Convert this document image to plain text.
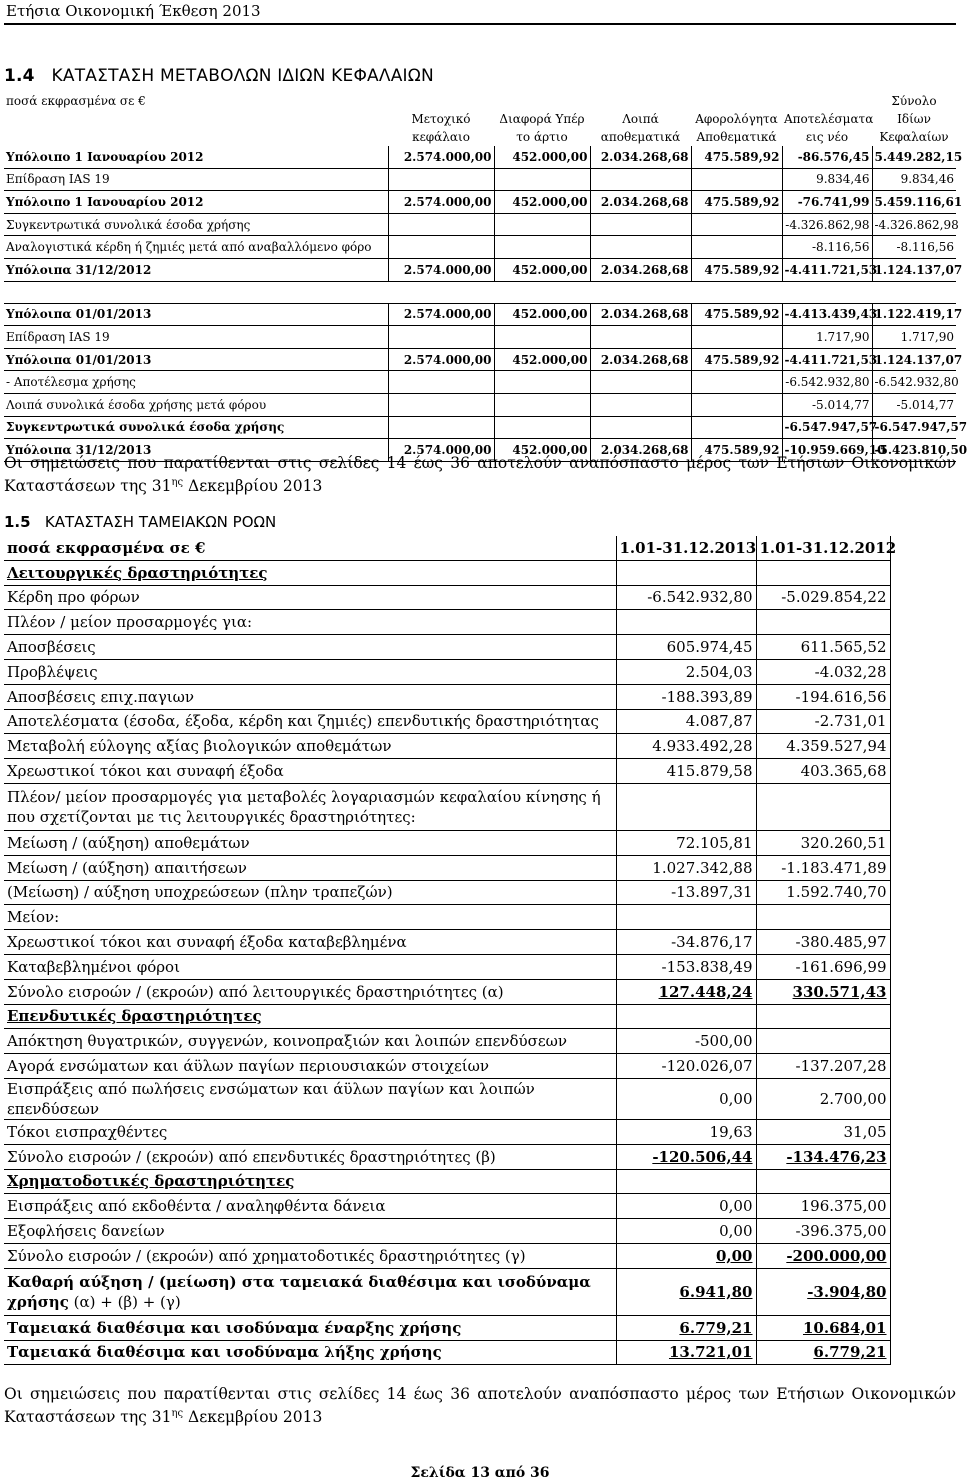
Ετήσια Οικονομική Έκθεση 2013
1.4 ΚΑΤΑΣΤΑΣΗ ΜΕΤΑΒΟΛΩΝ ΙΔΙΩΝ ΚΕΦΑΛΑΙΩΝ
ποσά εκφρασμένα σε €						Σύνολο
	Μετοχικό	Διαφορά Υπέρ	Λοιπά	Αφορολόγητα	Αποτελέσματα	Ιδίων
	κεφάλαιο	το άρτιο	αποθεματικά	Αποθεματικά	εις νέο	Κεφαλαίων
Υπόλοιπο 1 Ιανουαρίου 2012	2.574.000,00	452.000,00	2.034.268,68	475.589,92	-86.576,45	5.449.282,15
Επίδραση IAS 19					9.834,46	9.834,46
Υπόλοιπο 1 Ιανουαρίου 2012	2.574.000,00	452.000,00	2.034.268,68	475.589,92	-76.741,99	5.459.116,61
Συγκεντρωτικά συνολικά έσοδα χρήσης					-4.326.862,98	-4.326.862,98
Αναλογιστικά κέρδη ή ζημιές μετά από αναβαλλόμενο φόρο					-8.116,56	-8.116,56
Υπόλοιπα 31/12/2012	2.574.000,00	452.000,00	2.034.268,68	475.589,92	-4.411.721,53	1.124.137,07

Υπόλοιπα 01/01/2013	2.574.000,00	452.000,00	2.034.268,68	475.589,92	-4.413.439,43	1.122.419,17
Επίδραση IAS 19					1.717,90	1.717,90
Υπόλοιπα 01/01/2013	2.574.000,00	452.000,00	2.034.268,68	475.589,92	-4.411.721,53	1.124.137,07
- Αποτέλεσμα χρήσης					-6.542.932,80	-6.542.932,80
Λοιπά συνολικά έσοδα χρήσης μετά φόρου					-5.014,77	-5.014,77
Συγκεντρωτικά συνολικά έσοδα χρήσης					-6.547.947,57	-6.547.947,57
Υπόλοιπα 31/12/2013	2.574.000,00	452.000,00	2.034.268,68	475.589,92	-10.959.669,10	-5.423.810,50
Οι σημειώσεις που παρατίθενται στις σελίδες 14 έως 36 αποτελούν αναπόσπαστο μέρος των Ετήσιων Οικονομικών Καταστάσεων της $31^{\eta\varsigma}$ Δεκεμβρίου 2013
1.5 ΚΑΤΑΣΤΑΣΗ ΤΑΜΕΙΑΚΩΝ ΡΟΩΝ
ποσά εκφρασμένα σε €	1.01-31.12.2013	1.01-31.12.2012
Λειτουργικές δραστηριότητες		
Κέρδη προ φόρων	-6.542.932,80	-5.029.854,22
Πλέον / μείον προσαρμογές για:		
Αποσβέσεις	605.974,45	611.565,52
Προβλέψεις	2.504,03	-4.032,28
Αποσβέσεις επιχ.παγιων	-188.393,89	-194.616,56
Αποτελέσματα (έσοδα, έξοδα, κέρδη και ζημιές) επενδυτικής δραστηριότητας	4.087,87	-2.731,01
Μεταβολή εύλογης αξίας βιολογικών αποθεμάτων	4.933.492,28	4.359.527,94
Χρεωστικοί τόκοι και συναφή έξοδα	415.879,58	403.365,68
Πλέον/ μείον προσαρμογές για μεταβολές λογαριασμών κεφαλαίου κίνησης ή που σχετίζονται με τις λειτουργικές δραστηριότητες:		
Μείωση / (αύξηση) αποθεμάτων	72.105,81	320.260,51
Μείωση / (αύξηση) απαιτήσεων	1.027.342,88	-1.183.471,89
(Μείωση) / αύξηση υποχρεώσεων (πλην τραπεζών)	-13.897,31	1.592.740,70
Μείον:		
Χρεωστικοί τόκοι και συναφή έξοδα καταβεβλημένα	-34.876,17	-380.485,97
Καταβεβλημένοι φόροι	-153.838,49	-161.696,99
Σύνολο εισροών / (εκροών) από λειτουργικές δραστηριότητες (α)	127.448,24	330.571,43
Επενδυτικές δραστηριότητες		
Απόκτηση θυγατρικών, συγγενών, κοινοπραξιών και λοιπών επενδύσεων	-500,00	
Αγορά ενσώματων και άϋλων παγίων περιουσιακών στοιχείων	-120.026,07	-137.207,28
Εισπράξεις από πωλήσεις ενσώματων και άϋλων παγίων και λοιπών επενδύσεων	0,00	2.700,00
Τόκοι εισπραχθέντες	19,63	31,05
Σύνολο εισροών / (εκροών) από επενδυτικές δραστηριότητες (β)	-120.506,44	-134.476,23
Χρηματοδοτικές δραστηριότητες		
Εισπράξεις από εκδοθέντα / αναληφθέντα δάνεια	0,00	196.375,00
Εξοφλήσεις δανείων	0,00	-396.375,00
Σύνολο εισροών / (εκροών) από χρηματοδοτικές δραστηριότητες (γ)	0,00	-200.000,00
Καθαρή αύξηση / (μείωση) στα ταμειακά διαθέσιμα και ισοδύναμα χρήσης (α) + (β) + (γ)	6.941,80	-3.904,80
Ταμειακά διαθέσιμα και ισοδύναμα έναρξης χρήσης	6.779,21	10.684,01
Ταμειακά διαθέσιμα και ισοδύναμα λήξης χρήσης	13.721,01	6.779,21
Οι σημειώσεις που παρατίθενται στις σελίδες 14 έως 36 αποτελούν αναπόσπαστο μέρος των Ετήσιων Οικονομικών Καταστάσεων της $31^{\eta\varsigma}$ Δεκεμβρίου 2013
Σελίδα 13 από 36
